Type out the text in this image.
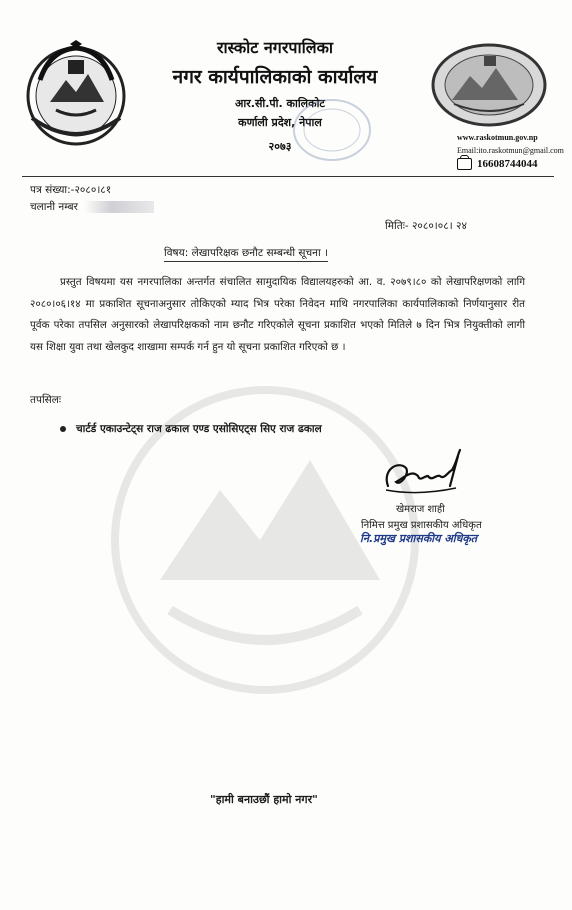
रास्कोट नगरपालिका
नगर कार्यपालिकाको कार्यालय
आर.सी.पी. कालिकोट
कर्णाली प्रदेश, नेपाल
२०७३
www.raskotmun.gov.np
Email:ito.raskotmun@gmail.com
16608744044
पत्र संख्या:-२०८०।८१
चलानी नम्बर
मितिः- २०८०।०८। २४
विषय: लेखापरिक्षक छनौट सम्बन्धी सूचना ।
प्रस्तुत विषयमा यस नगरपालिका अन्तर्गत संचालित सामुदायिक विद्यालयहरुको आ. व. २०७९।८० को लेखापरिक्षणको लागि २०८०।०६।१४ मा प्रकाशित सूचनाअनुसार तोकिएको म्याद भित्र परेका निवेदन माथि नगरपालिका कार्यपालिकाको निर्णयानुसार रीत पूर्वक परेका तपसिल अनुसारको लेखापरिक्षकको नाम छनौट गरिएकोले सूचना प्रकाशित भएको मितिले ७ दिन भित्र नियुक्तीको लागी यस शिक्षा युवा तथा खेलकुद शाखामा सम्पर्क गर्न हुन यो सूचना प्रकाशित गरिएको छ ।
तपसिलः
चार्टर्ड एकाउन्टेट्स राज ढकाल एण्ड एसोसिएट्स सिए राज ढकाल
खेमराज शाही
निमित्त प्रमुख प्रशासकीय अधिकृत
नि.प्रमुख प्रशासकीय अधिकृत
"हामी बनाउछौं हामो नगर"
